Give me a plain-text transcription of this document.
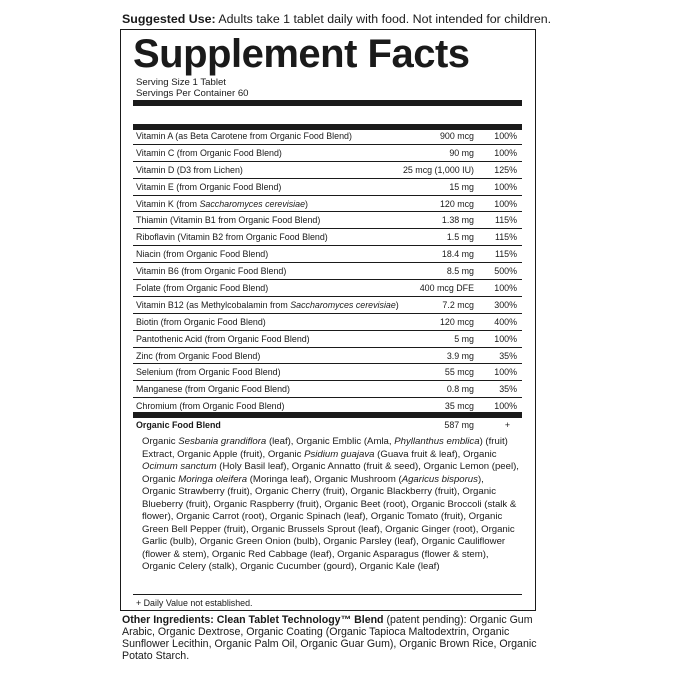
Suggested Use: Adults take 1 tablet daily with food. Not intended for children.
Supplement Facts
Serving Size 1 Tablet
Servings Per Container 60
Vitamin A (as Beta Carotene from Organic Food Blend)	900 mcg 100%
Vitamin C (from Organic Food Blend)	90 mg 100%
Vitamin D (D3 from Lichen)	25 mcg (1,000 IU) 125%
Vitamin E (from Organic Food Blend)	15 mg 100%
Vitamin K (from Saccharomyces cerevisiae)	120 mcg 100%
Thiamin (Vitamin B1 from Organic Food Blend)	1.38 mg 115%
Riboflavin (Vitamin B2 from Organic Food Blend)	1.5 mg 115%
Niacin (from Organic Food Blend)	18.4 mg 115%
Vitamin B6 (from Organic Food Blend)	8.5 mg 500%
Folate (from Organic Food Blend)	400 mcg DFE 100%
Vitamin B12 (as Methylcobalamin from Saccharomyces cerevisiae)	7.2 mcg 300%
Biotin (from Organic Food Blend)	120 mcg 400%
Pantothenic Acid (from Organic Food Blend)	5 mg 100%
Zinc (from Organic Food Blend)	3.9 mg	35%
Selenium (from Organic Food Blend)	55 mcg 100%
Manganese (from Organic Food Blend)	0.8 mg	35%
Chromium (from Organic Food Blend)	35 mcg 100%
Organic Food Blend	587 mg	+
Organic Sesbania grandiflora (leaf), Organic Emblic (Amla, Phyllanthus emblica) (fruit) Extract, Organic Apple (fruit), Organic Psidium guajava (Guava fruit & leaf), Organic Ocimum sanctum (Holy Basil leaf), Organic Annatto (fruit & seed), Organic Lemon (peel), Organic Moringa oleifera (Moringa leaf), Organic Mushroom (Agaricus bisporus), Organic Strawberry (fruit), Organic Cherry (fruit), Organic Blackberry (fruit), Organic Blueberry (fruit), Organic Raspberry (fruit), Organic Beet (root), Organic Broccoli (stalk & flower), Organic Carrot (root), Organic Spinach (leaf), Organic Tomato (fruit), Organic Green Bell Pepper (fruit), Organic Brussels Sprout (leaf), Organic Ginger (root), Organic Garlic (bulb), Organic Green Onion (bulb), Organic Parsley (leaf), Organic Cauliflower (flower & stem), Organic Red Cabbage (leaf), Organic Asparagus (flower & stem), Organic Celery (stalk), Organic Cucumber (gourd), Organic Kale (leaf)
+ Daily Value not established.
Other Ingredients: Clean Tablet Technology™ Blend (patent pending): Organic Gum Arabic, Organic Dextrose, Organic Coating (Organic Tapioca Maltodextrin, Organic Sunflower Lecithin, Organic Palm Oil, Organic Guar Gum), Organic Brown Rice, Organic Potato Starch.
